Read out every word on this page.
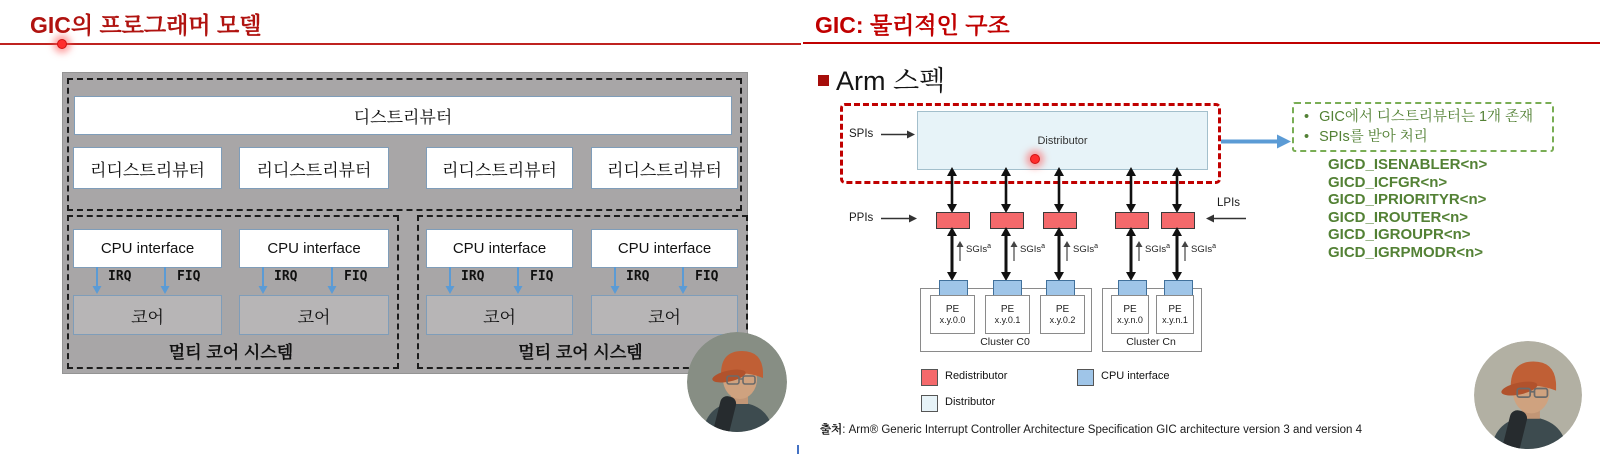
GIC의 프로그래머 모델
디스트리뷰터
리디스트리뷰터	리디스트리뷰터	리디스트리뷰터	리디스트리뷰터
CPU interface	CPU interface	CPU interface	CPU interface
IRQ	FIQ	IRQ	FIQ	IRQ	FIQ	IRQ	FIQ
코어	코어	코어	코어
멀티 코어 시스템	멀티 코어 시스템
GIC: 물리적인 구조
Arm 스펙
Distributor
SPIs
PPIs
LPIs
SGIs$^a$	SGIs$^a$	SGIs$^a$	SGIs$^a$ SGIs$^a$
PE
x.y.0.0
PE
x.y.0.1
PE
x.y.0.2
PE
x.y.n.0
PE
x.y.n.1
Cluster C0	Cluster Cn
Redistributor	CPU interface
Distributor
• GIC에서 디스트리뷰터는 1개 존재
• SPIs를 받아 처리
GICD_ISENABLER<n>
GICD_ICFGR<n>
GICD_IPRIORITYR<n>
GICD_IROUTER<n>
GICD_IGROUPR<n>
GICD_IGRPMODR<n>
출처: Arm® Generic Interrupt Controller Architecture Specification GIC architecture version 3 and version 4
